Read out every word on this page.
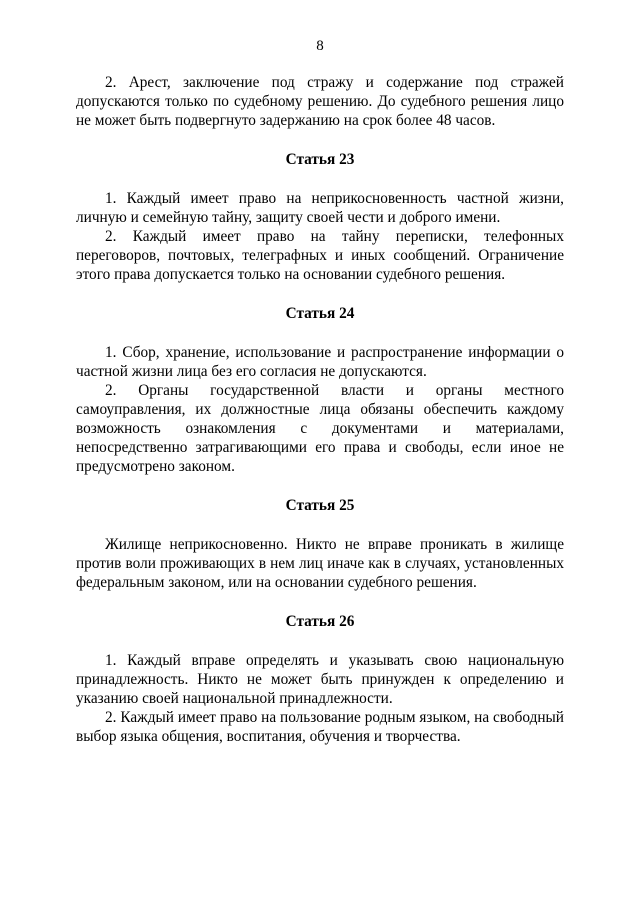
8

2. Арест, заключение под стражу и содержание под стражей допускаются только по судебному решению. До судебного решения лицо не может быть подвергнуто задержанию на срок более 48 часов.

Статья 23

1. Каждый имеет право на неприкосновенность частной жизни, личную и семейную тайну, защиту своей чести и доброго имени.

2. Каждый имеет право на тайну переписки, телефонных переговоров, почтовых, телеграфных и иных сообщений. Ограничение этого права допускается только на основании судебного решения.

Статья 24

1. Сбор, хранение, использование и распространение информации о частной жизни лица без его согласия не допускаются.

2. Органы государственной власти и органы местного самоуправления, их должностные лица обязаны обеспечить каждому возможность ознакомления с документами и материалами, непосредственно затрагивающими его права и свободы, если иное не предусмотрено законом.

Статья 25

Жилище неприкосновенно. Никто не вправе проникать в жилище против воли проживающих в нем лиц иначе как в случаях, установленных федеральным законом, или на основании судебного решения.

Статья 26

1. Каждый вправе определять и указывать свою национальную принадлежность. Никто не может быть принужден к определению и указанию своей национальной принадлежности.

2. Каждый имеет право на пользование родным языком, на свободный выбор языка общения, воспитания, обучения и творчества.
